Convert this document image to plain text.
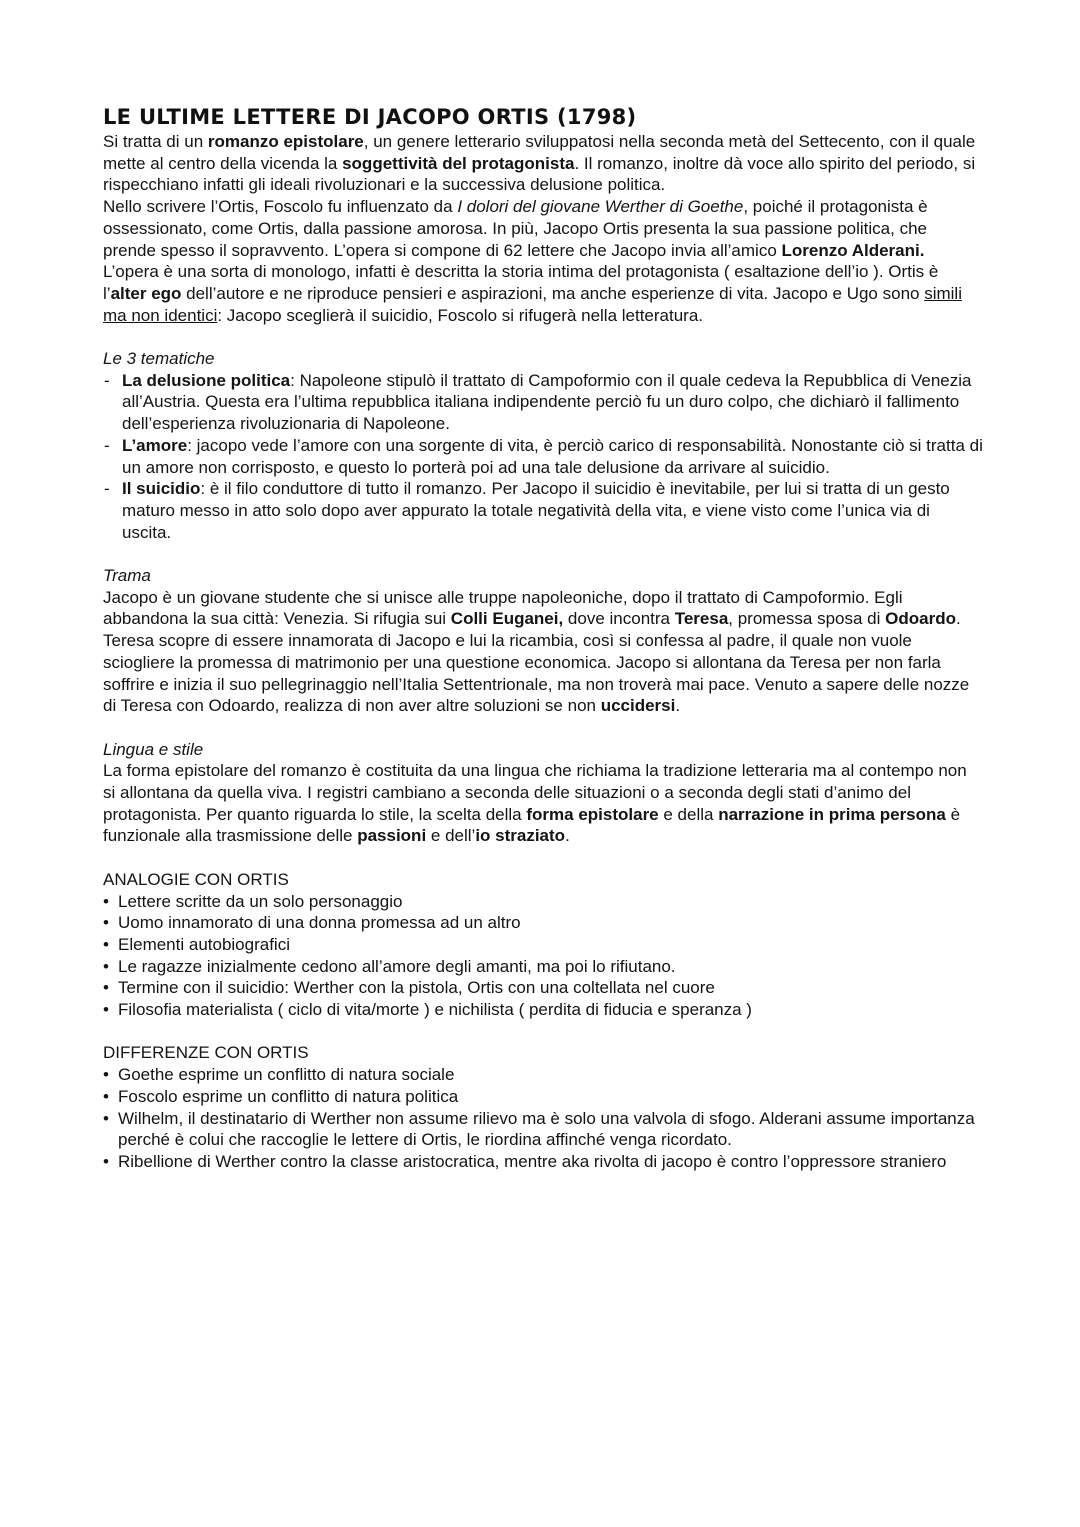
LE ULTIME LETTERE DI JACOPO ORTIS (1798)

Si tratta di un romanzo epistolare, un genere letterario sviluppatosi nella seconda metà del Settecento, con il quale mette al centro della vicenda la soggettività del protagonista. Il romanzo, inoltre dà voce allo spirito del periodo, si rispecchiano infatti gli ideali rivoluzionari e la successiva delusione politica.

Nello scrivere l’Ortis, Foscolo fu influenzato da I dolori del giovane Werther di Goethe, poiché il protagonista è ossessionato, come Ortis, dalla passione amorosa. In più, Jacopo Ortis presenta la sua passione politica, che prende spesso il sopravvento. L’opera si compone di 62 lettere che Jacopo invia all’amico Lorenzo Alderani.

L’opera è una sorta di monologo, infatti è descritta la storia intima del protagonista ( esaltazione dell’io ). Ortis è l’alter ego dell’autore e ne riproduce pensieri e aspirazioni, ma anche esperienze di vita. Jacopo e Ugo sono simili ma non identici: Jacopo sceglierà il suicidio, Foscolo si rifugerà nella letteratura.

Le 3 tematiche

- La delusione politica: Napoleone stipulò il trattato di Campoformio con il quale cedeva la Repubblica di Venezia all’Austria. Questa era l’ultima repubblica italiana indipendente perciò fu un duro colpo, che dichiarò il fallimento dell’esperienza rivoluzionaria di Napoleone.
- L’amore: jacopo vede l’amore con una sorgente di vita, è perciò carico di responsabilità. Nonostante ciò si tratta di un amore non corrisposto, e questo lo porterà poi ad una tale delusione da arrivare al suicidio.
- Il suicidio: è il filo conduttore di tutto il romanzo. Per Jacopo il suicidio è inevitabile, per lui si tratta di un gesto maturo messo in atto solo dopo aver appurato la totale negatività della vita, e viene visto come l’unica via di uscita.

Trama

Jacopo è un giovane studente che si unisce alle truppe napoleoniche, dopo il trattato di Campoformio. Egli abbandona la sua città: Venezia. Si rifugia sui Colli Euganei, dove incontra Teresa, promessa sposa di Odoardo. Teresa scopre di essere innamorata di Jacopo e lui la ricambia, così si confessa al padre, il quale non vuole sciogliere la promessa di matrimonio per una questione economica. Jacopo si allontana da Teresa per non farla soffrire e inizia il suo pellegrinaggio nell’Italia Settentrionale, ma non troverà mai pace. Venuto a sapere delle nozze di Teresa con Odoardo, realizza di non aver altre soluzioni se non uccidersi.

Lingua e stile

La forma epistolare del romanzo è costituita da una lingua che richiama la tradizione letteraria ma al contempo non si allontana da quella viva. I registri cambiano a seconda delle situazioni o a seconda degli stati d’animo del protagonista. Per quanto riguarda lo stile, la scelta della forma epistolare e della narrazione in prima persona è funzionale alla trasmissione delle passioni e dell’io straziato.

ANALOGIE CON ORTIS

• Lettere scritte da un solo personaggio
• Uomo innamorato di una donna promessa ad un altro
• Elementi autobiografici
• Le ragazze inizialmente cedono all’amore degli amanti, ma poi lo rifiutano.
• Termine con il suicidio: Werther con la pistola, Ortis con una coltellata nel cuore
• Filosofia materialista ( ciclo di vita/morte ) e nichilista ( perdita di fiducia e speranza )

DIFFERENZE CON ORTIS

• Goethe esprime un conflitto di natura sociale
• Foscolo esprime un conflitto di natura politica
• Wilhelm, il destinatario di Werther non assume rilievo ma è solo una valvola di sfogo. Alderani assume importanza perché è colui che raccoglie le lettere di Ortis, le riordina affinché venga ricordato.
• Ribellione di Werther contro la classe aristocratica, mentre aka rivolta di jacopo è contro l’oppressore straniero
